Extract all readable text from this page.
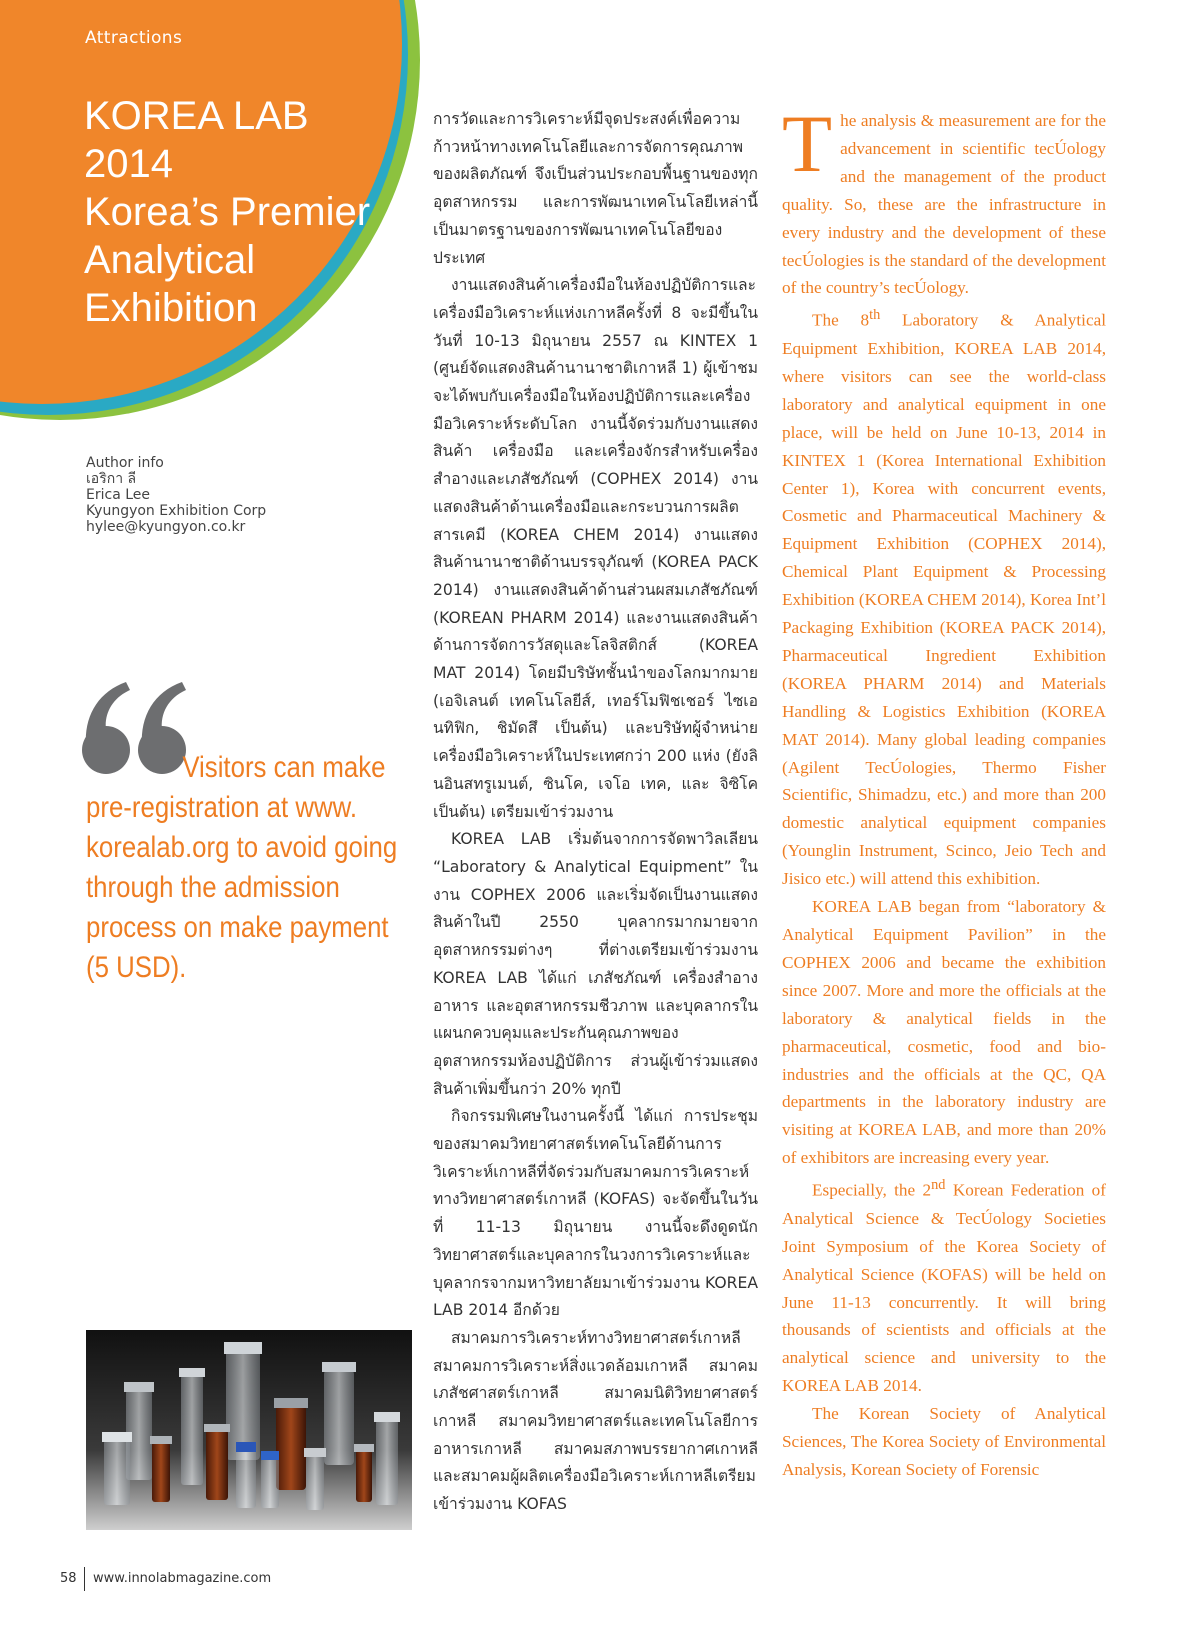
Attractions
KOREA LAB
2014
Korea’s Premier
Analytical
Exhibition
Author info
เอริกา ลี
Erica Lee
Kyungyon Exhibition Corp
hylee@kyungyon.co.kr
Visitors can make
pre-registration at www.
korealab.org to avoid going
through the admission
process on make payment
(5 USD).

การวัดและการวิเคราะห์มีจุดประสงค์เพื่อความก้าวหน้าทางเทคโนโลยีและการจัดการคุณภาพของผลิตภัณฑ์ จึงเป็นส่วนประกอบพื้นฐานของทุกอุตสาหกรรม และการพัฒนาเทคโนโลยีเหล่านี้เป็นมาตรฐานของการพัฒนาเทคโนโลยีของประเทศ

งานแสดงสินค้าเครื่องมือในห้องปฏิบัติการและเครื่องมือวิเคราะห์แห่งเกาหลีครั้งที่ 8 จะมีขึ้นในวันที่ 10-13 มิถุนายน 2557 ณ KINTEX 1 (ศูนย์จัดแสดงสินค้านานาชาติเกาหลี 1) ผู้เข้าชมจะได้พบกับเครื่องมือในห้องปฏิบัติการและเครื่องมือวิเคราะห์ระดับโลก งานนี้จัดร่วมกับงานแสดงสินค้า เครื่องมือ และเครื่องจักรสำหรับเครื่องสำอางและเภสัชภัณฑ์ (COPHEX 2014) งานแสดงสินค้าด้านเครื่องมือและกระบวนการผลิตสารเคมี (KOREA CHEM 2014) งานแสดงสินค้านานาชาติด้านบรรจุภัณฑ์ (KOREA PACK 2014) งานแสดงสินค้าด้านส่วนผสมเภสัชภัณฑ์ (KOREAN PHARM 2014) และงานแสดงสินค้าด้านการจัดการวัสดุและโลจิสติกส์ (KOREA MAT 2014) โดยมีบริษัทชั้นนำของโลกมากมาย (เอจิเลนต์ เทคโนโลยีส์, เทอร์โมฟิชเชอร์ ไซเอนทิฟิก, ชิมัดสึ เป็นต้น) และบริษัทผู้จำหน่ายเครื่องมือวิเคราะห์ในประเทศกว่า 200 แห่ง (ยังลินอินสทรูเมนต์, ซินโค, เจโอ เทค, และ จิซิโค เป็นต้น) เตรียมเข้าร่วมงาน

KOREA LAB เริ่มต้นจากการจัดพาวิลเลียน “Laboratory & Analytical Equipment” ในงาน COPHEX 2006 และเริ่มจัดเป็นงานแสดงสินค้าในปี 2550 บุคลากรมากมายจากอุตสาหกรรมต่างๆ ที่ต่างเตรียมเข้าร่วมงาน KOREA LAB ได้แก่ เภสัชภัณฑ์ เครื่องสำอาง อาหาร และอุตสาหกรรมชีวภาพ และบุคลากรในแผนกควบคุมและประกันคุณภาพของอุตสาหกรรมห้องปฏิบัติการ ส่วนผู้เข้าร่วมแสดงสินค้าเพิ่มขึ้นกว่า 20% ทุกปี

กิจกรรมพิเศษในงานครั้งนี้ ได้แก่ การประชุมของสมาคมวิทยาศาสตร์เทคโนโลยีด้านการวิเคราะห์เกาหลีที่จัดร่วมกับสมาคมการวิเคราะห์ทางวิทยาศาสตร์เกาหลี (KOFAS) จะจัดขึ้นในวันที่ 11-13 มิถุนายน งานนี้จะดึงดูดนักวิทยาศาสตร์และบุคลากรในวงการวิเคราะห์และบุคลากรจากมหาวิทยาลัยมาเข้าร่วมงาน KOREA LAB 2014 อีกด้วย

สมาคมการวิเคราะห์ทางวิทยาศาสตร์เกาหลี สมาคมการวิเคราะห์สิ่งแวดล้อมเกาหลี สมาคมเภสัชศาสตร์เกาหลี สมาคมนิติวิทยาศาสตร์เกาหลี สมาคมวิทยาศาสตร์และเทคโนโลยีการอาหารเกาหลี สมาคมสภาพบรรยากาศเกาหลี และสมาคมผู้ผลิตเครื่องมือวิเคราะห์เกาหลีเตรียมเข้าร่วมงาน KOFAS

The analysis & measurement are for the advancement in scientific tecÚology and the management of the product quality. So, these are the infrastructure in every industry and the development of these tecÚologies is the standard of the development of the country’s tecÚology.

The 8th Laboratory & Analytical Equipment Exhibition, KOREA LAB 2014, where visitors can see the world-class laboratory and analytical equipment in one place, will be held on June 10-13, 2014 in KINTEX 1 (Korea International Exhibition Center 1), Korea with concurrent events, Cosmetic and Pharmaceutical Machinery & Equipment Exhibition (COPHEX 2014), Chemical Plant Equipment & Processing Exhibition (KOREA CHEM 2014), Korea Int’l Packaging Exhibition (KOREA PACK 2014), Pharmaceutical Ingredient Exhibition (KOREA PHARM 2014) and Materials Handling & Logistics Exhibition (KOREA MAT 2014). Many global leading companies (Agilent TecÚologies, Thermo Fisher Scientific, Shimadzu, etc.) and more than 200 domestic analytical equipment companies (Younglin Instrument, Scinco, Jeio Tech and Jisico etc.) will attend this exhibition.

KOREA LAB began from “laboratory & Analytical Equipment Pavilion” in the COPHEX 2006 and became the exhibition since 2007. More and more the officials at the laboratory & analytical fields in the pharmaceutical, cosmetic, food and bio-industries and the officials at the QC, QA departments in the laboratory industry are visiting at KOREA LAB, and more than 20% of exhibitors are increasing every year.

Especially, the 2nd Korean Federation of Analytical Science & TecÚology Societies Joint Symposium of the Korea Society of Analytical Science (KOFAS) will be held on June 11-13 concurrently. It will bring thousands of scientists and officials at the analytical science and university to the KOREA LAB 2014.

The Korean Society of Analytical Sciences, The Korea Society of Environmental Analysis, Korean Society of Forensic

58 www.innolabmagazine.com
